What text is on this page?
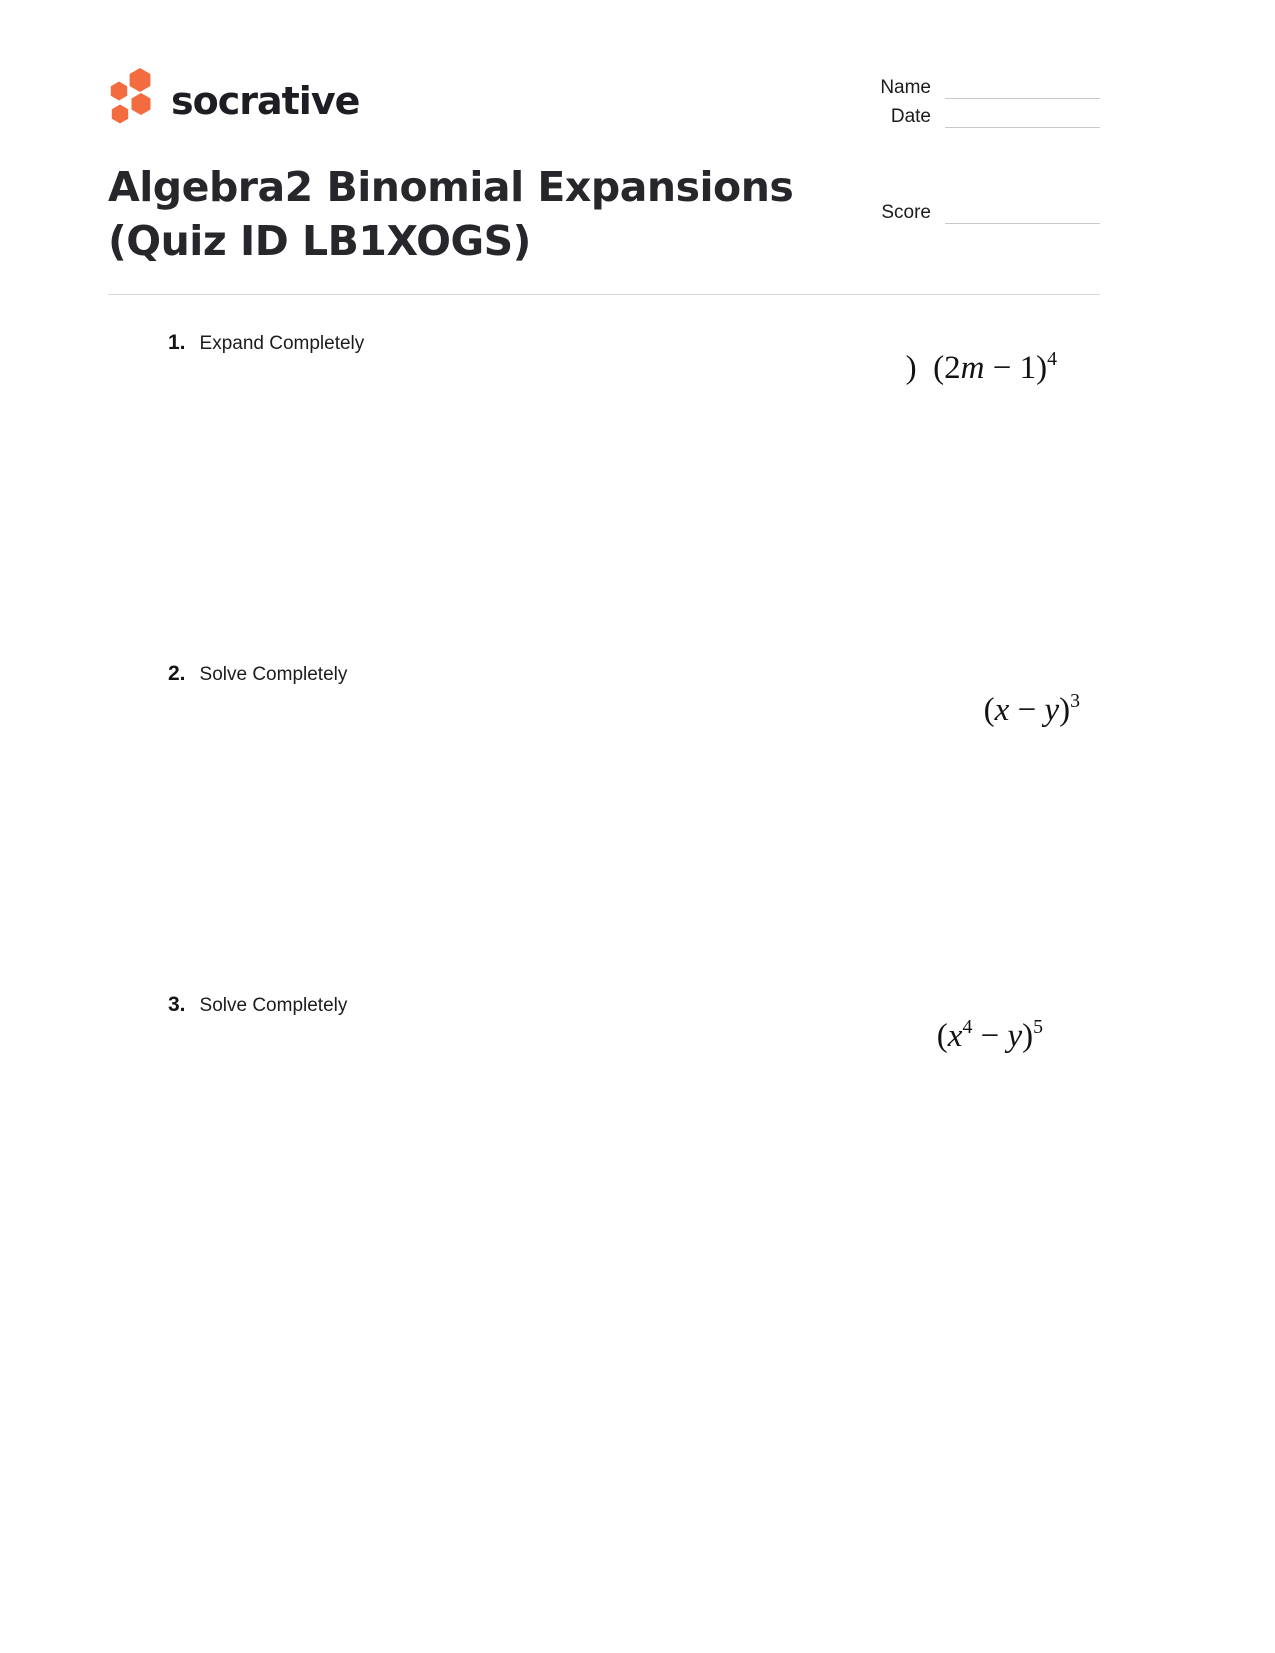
socrative	Name
Date
Score
Algebra2 Binomial Expansions (Quiz ID LB1XOGS)
1. Expand Completely
) $(2m - 1)^4$
2. Solve Completely
$(x - y)^3$
3. Solve Completely
$(x^4 - y)^5$
